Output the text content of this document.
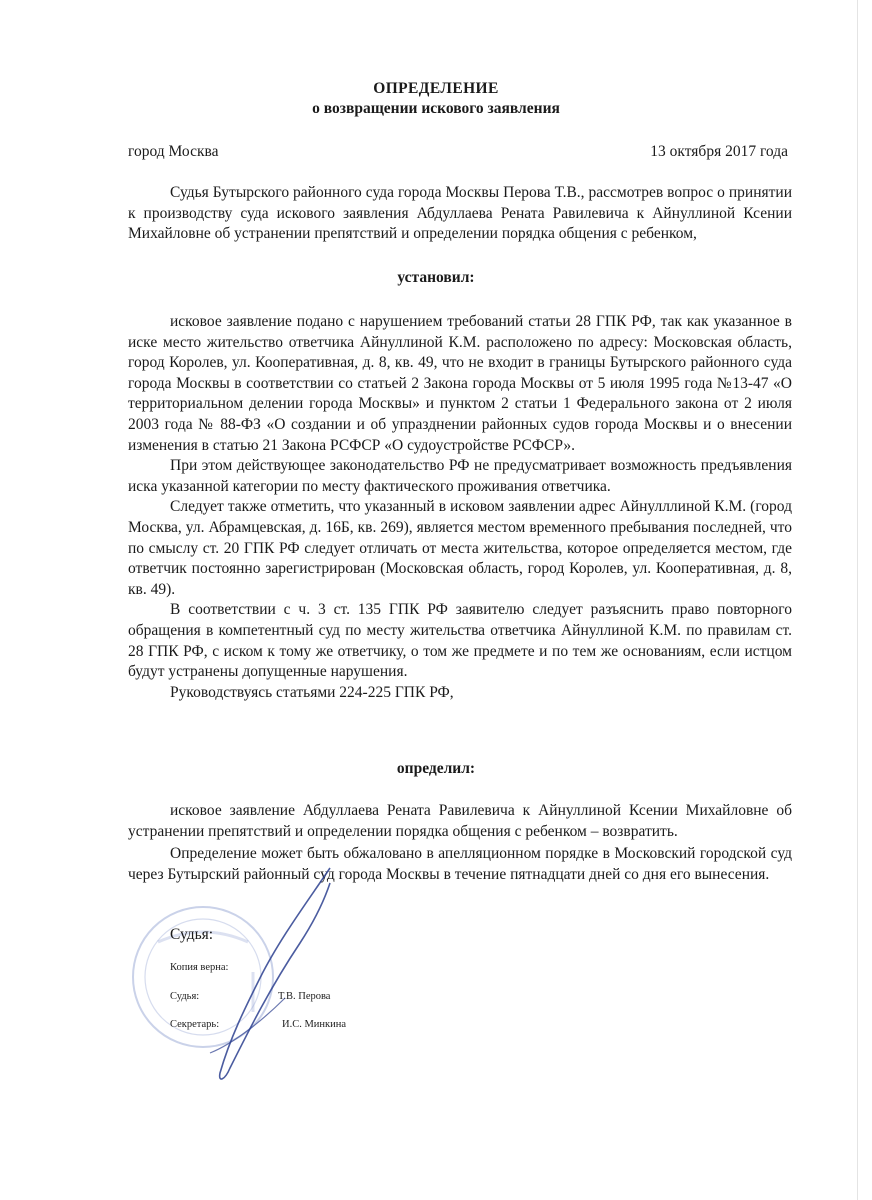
ОПРЕДЕЛЕНИЕ
о возвращении искового заявления
город Москва	13 октября 2017 года

Судья Бутырского районного суда города Москвы Перова Т.В., рассмотрев вопрос о принятии к производству суда искового заявления Абдуллаева Рената Равилевича к Айнуллиной Ксении Михайловне об устранении препятствий и определении порядка общения с ребенком,

установил:

исковое заявление подано с нарушением требований статьи 28 ГПК РФ, так как указанное в иске место жительство ответчика Айнуллиной К.М. расположено по адресу: Московская область, город Королев, ул. Кооперативная, д. 8, кв. 49, что не входит в границы Бутырского районного суда города Москвы в соответствии со статьей 2 Закона города Москвы от 5 июля 1995 года №13-47 «О территориальном делении города Москвы» и пунктом 2 статьи 1 Федерального закона от 2 июля 2003 года № 88-ФЗ «О создании и об упразднении районных судов города Москвы и о внесении изменения в статью 21 Закона РСФСР «О судоустройстве РСФСР».

При этом действующее законодательство РФ не предусматривает возможность предъявления иска указанной категории по месту фактического проживания ответчика.

Следует также отметить, что указанный в исковом заявлении адрес Айнулллиной К.М. (город Москва, ул. Абрамцевская, д. 16Б, кв. 269), является местом временного пребывания последней, что по смыслу ст. 20 ГПК РФ следует отличать от места жительства, которое определяется местом, где ответчик постоянно зарегистрирован (Московская область, город Королев, ул. Кооперативная, д. 8, кв. 49).

В соответствии с ч. 3 ст. 135 ГПК РФ заявителю следует разъяснить право повторного обращения в компетентный суд по месту жительства ответчика Айнуллиной К.М. по правилам ст. 28 ГПК РФ, с иском к тому же ответчику, о том же предмете и по тем же основаниям, если истцом будут устранены допущенные нарушения.

Руководствуясь статьями 224-225 ГПК РФ,

определил:

исковое заявление Абдуллаева Рената Равилевича к Айнуллиной Ксении Михайловне об устранении препятствий и определении порядка общения с ребенком – возвратить.

Определение может быть обжаловано в апелляционном порядке в Московский городской суд через Бутырский районный суд города Москвы в течение пятнадцати дней со дня его вынесения.

Судья:
Копия верна:
Судья:	Т.В. Перова
Секретарь:	И.С. Минкина
